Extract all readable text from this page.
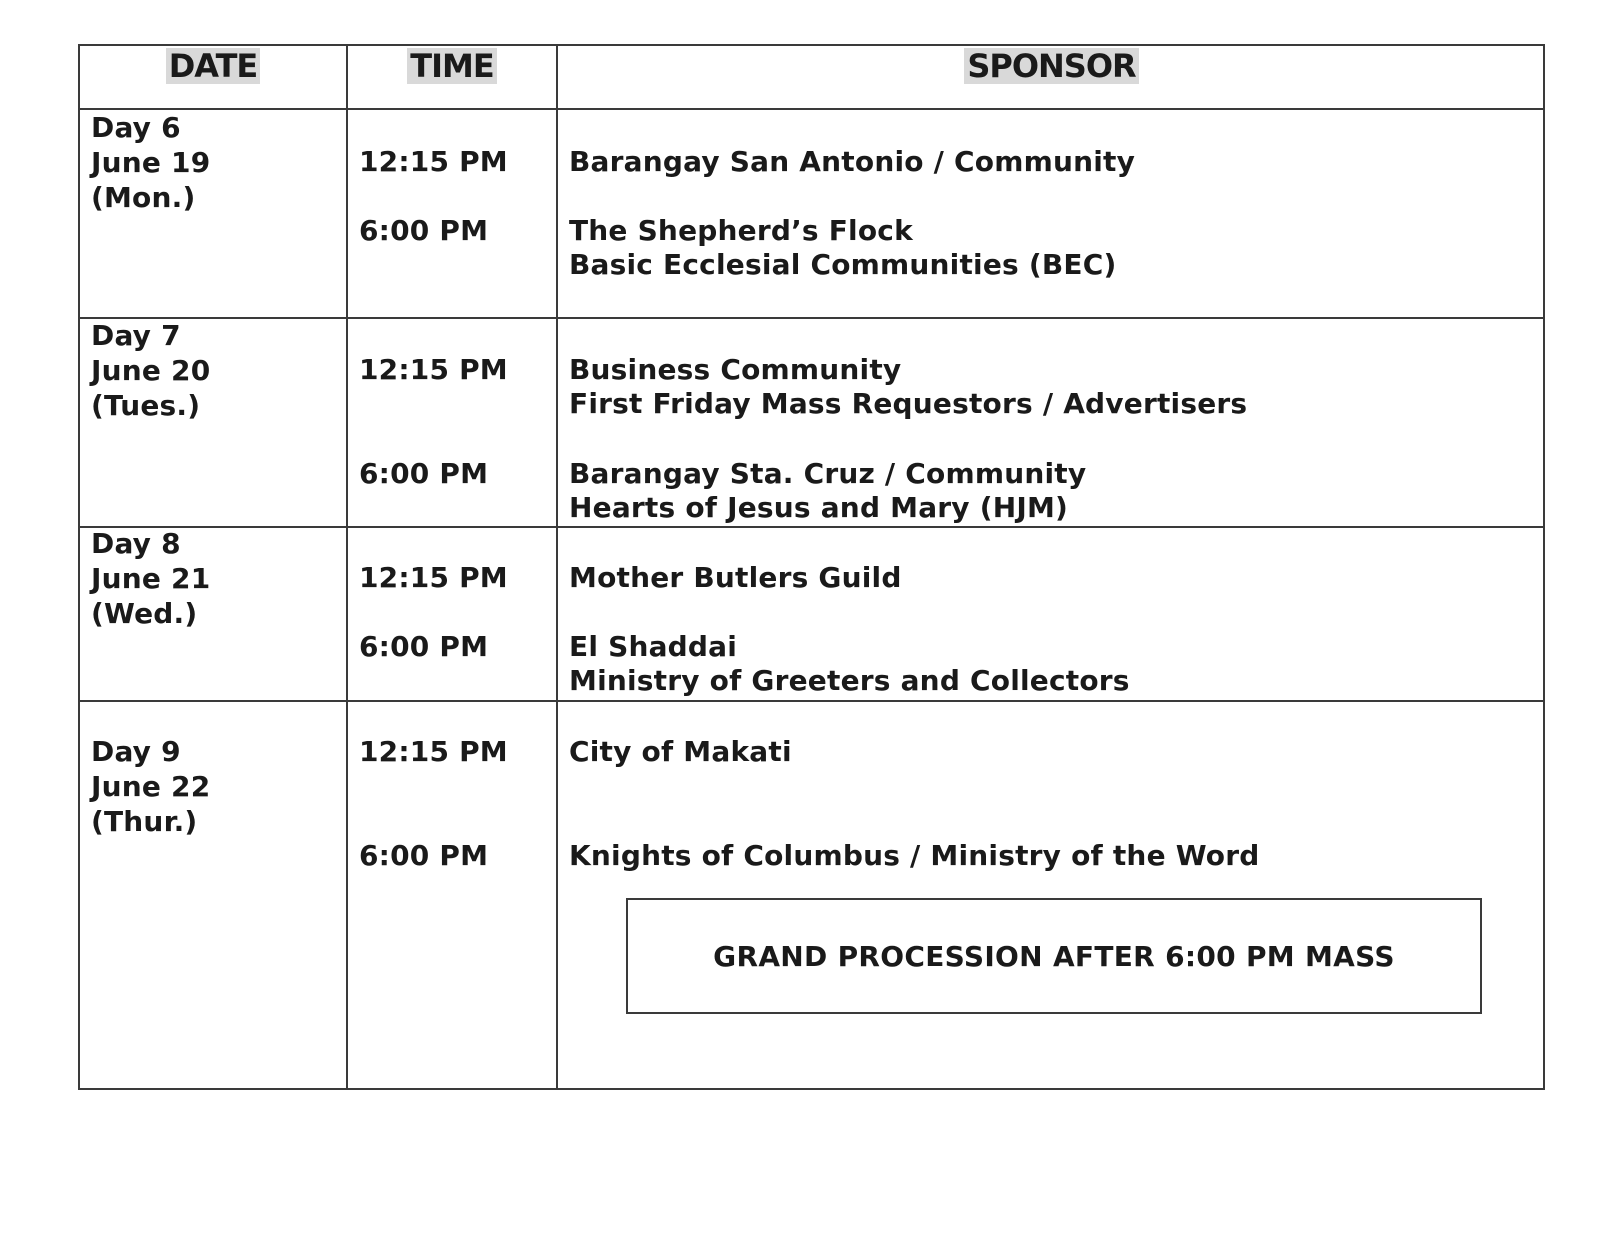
DATE	TIME	SPONSOR
Day 6
June 19
(Mon.)
12:15 PM
6:00 PM
Barangay San Antonio / Community
The Shepherd’s Flock
Basic Ecclesial Communities (BEC)
Day 7
June 20
(Tues.)
12:15 PM
6:00 PM
Business Community
First Friday Mass Requestors / Advertisers
Barangay Sta. Cruz / Community
Hearts of Jesus and Mary (HJM)
Day 8
June 21
(Wed.)
12:15 PM
6:00 PM
Mother Butlers Guild
El Shaddai
Ministry of Greeters and Collectors
Day 9
June 22
(Thur.)
12:15 PM
6:00 PM
City of Makati
Knights of Columbus / Ministry of the Word
GRAND PROCESSION AFTER 6:00 PM MASS
